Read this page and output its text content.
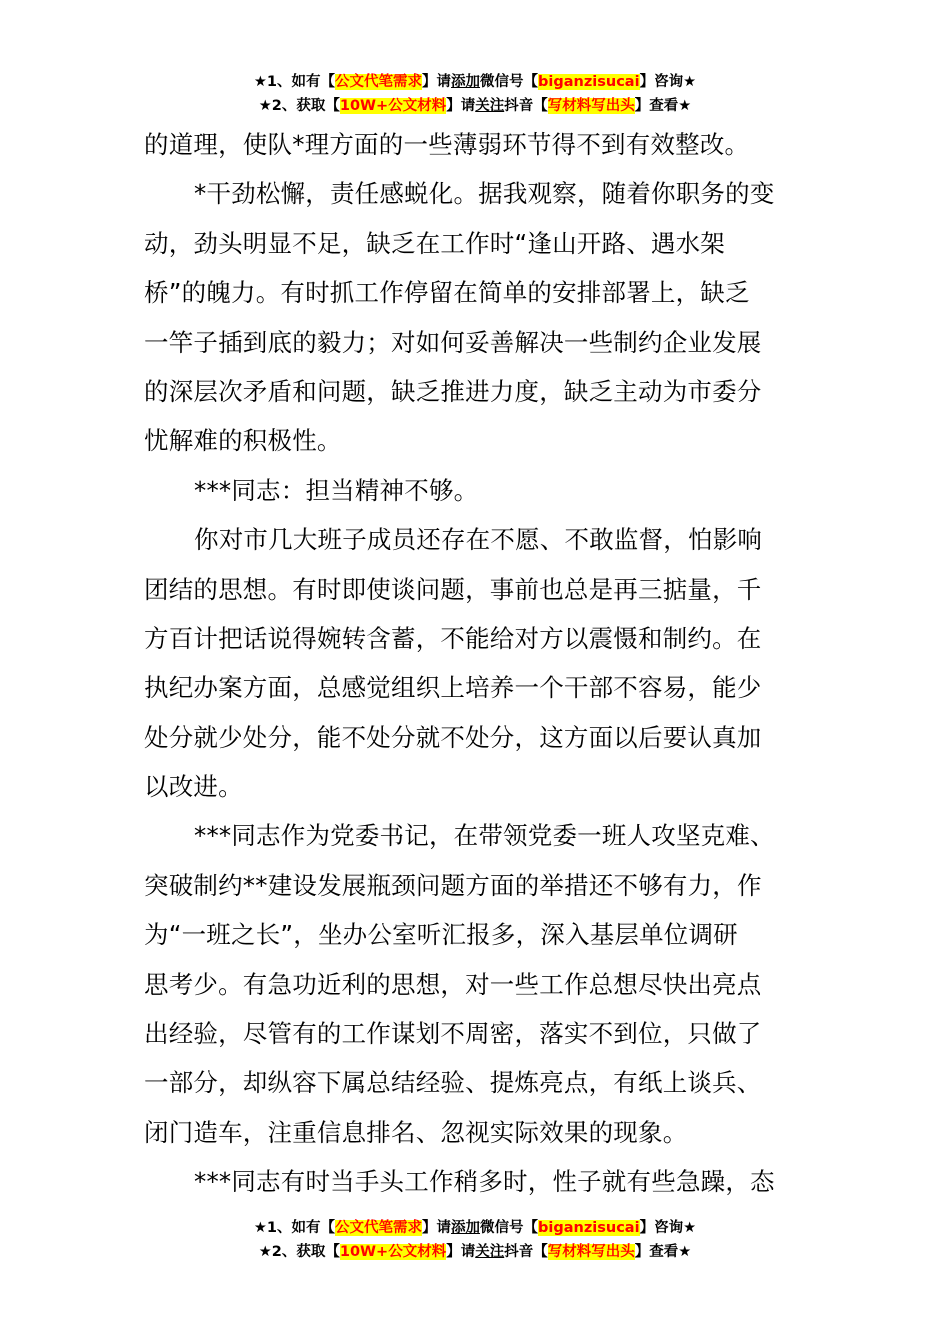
★1、如有【公文代笔需求】请添加微信号【biganzisucai】咨询★
★2、获取【10W+公文材料】请关注抖音【写材料写出头】查看★
的道理，使队*理方面的一些薄弱环节得不到有效整改。
*干劲松懈，责任感蜕化。据我观察，随着你职务的变
动，劲头明显不足，缺乏在工作时“逢山开路、遇水架
桥”的魄力。有时抓工作停留在简单的安排部署上，缺乏
一竿子插到底的毅力；对如何妥善解决一些制约企业发展
的深层次矛盾和问题，缺乏推进力度，缺乏主动为市委分
忧解难的积极性。
***同志：担当精神不够。
你对市几大班子成员还存在不愿、不敢监督，怕影响
团结的思想。有时即使谈问题，事前也总是再三掂量，千
方百计把话说得婉转含蓄，不能给对方以震慑和制约。在
执纪办案方面，总感觉组织上培养一个干部不容易，能少
处分就少处分，能不处分就不处分，这方面以后要认真加
以改进。
***同志作为党委书记，在带领党委一班人攻坚克难、
突破制约**建设发展瓶颈问题方面的举措还不够有力，作
为“一班之长”，坐办公室听汇报多，深入基层单位调研
思考少。有急功近利的思想，对一些工作总想尽快出亮点
出经验，尽管有的工作谋划不周密，落实不到位，只做了
一部分，却纵容下属总结经验、提炼亮点，有纸上谈兵、
闭门造车，注重信息排名、忽视实际效果的现象。
***同志有时当手头工作稍多时，性子就有些急躁，态
★1、如有【公文代笔需求】请添加微信号【biganzisucai】咨询★
★2、获取【10W+公文材料】请关注抖音【写材料写出头】查看★
